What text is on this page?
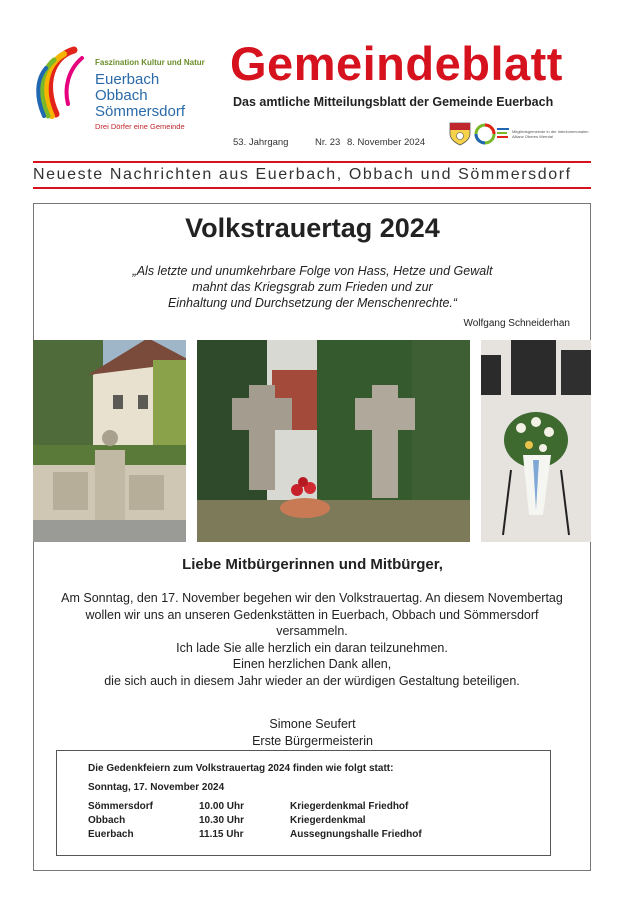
Faszination Kultur und Natur
Euerbach
Obbach
Sömmersdorf
Drei Dörfer eine Gemeinde
Gemeindeblatt
Das amtliche Mitteilungsblatt der Gemeinde Euerbach
53. Jahrgang	Nr. 23 8. November 2024
Mitgliedsgemeinde in der Interkommunalen Allianz Oberes Werntal
Neueste Nachrichten aus Euerbach, Obbach und Sömmersdorf
Volkstrauertag 2024
„Als letzte und unumkehrbare Folge von Hass, Hetze und Gewalt
mahnt das Kriegsgrab zum Frieden und zur
Einhaltung und Durchsetzung der Menschenrechte.“
Wolfgang Schneiderhan
Liebe Mitbürgerinnen und Mitbürger,
Am Sonntag, den 17. November begehen wir den Volkstrauertag. An diesem Novembertag
wollen wir uns an unseren Gedenkstätten in Euerbach, Obbach und Sömmersdorf
versammeln.
Ich lade Sie alle herzlich ein daran teilzunehmen.
Einen herzlichen Dank allen,
die sich auch in diesem Jahr wieder an der würdigen Gestaltung beteiligen.
Simone Seufert
Erste Bürgermeisterin
Die Gedenkfeiern zum Volkstrauertag 2024 finden wie folgt statt:
Sonntag, 17. November 2024
Sömmersdorf	10.00 Uhr	Kriegerdenkmal Friedhof
Obbach	10.30 Uhr	Kriegerdenkmal
Euerbach	11.15 Uhr	Aussegnungshalle Friedhof
